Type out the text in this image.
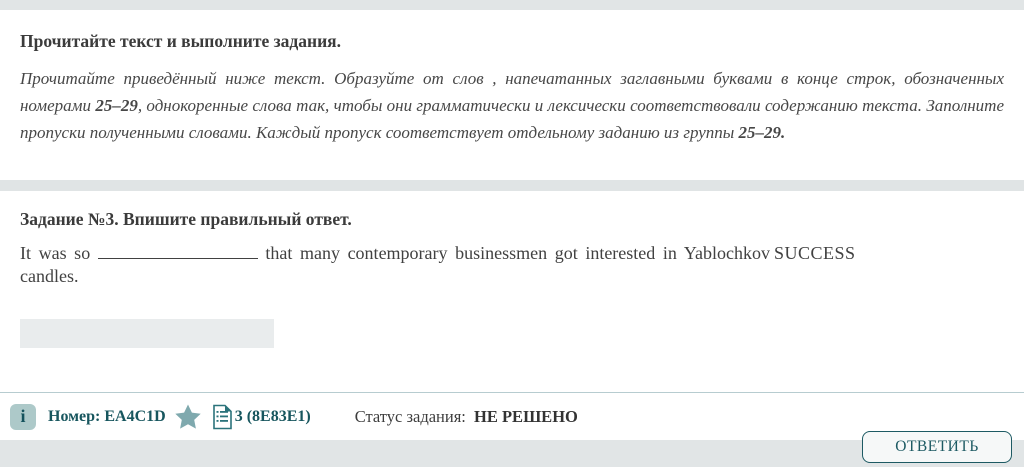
Прочитайте текст и выполните задания.

Прочитайте приведённый ниже текст. Образуйте от слов , напечатанных заглавными буквами в конце строк, обозначенных номерами 25–29, однокоренные слова так, чтобы они грамматически и лексически соответствовали содержанию текста. Заполните пропуски полученными словами. Каждый пропуск соответствует отдельному заданию из группы 25–29.

Задание №3. Впишите правильный ответ.
It was so	that many contemporary businessmen got interested in Yablochkov candles.
SUCCESS
i Номер: EA4C1D	3 (8E83E1)	Статус задания: НЕ РЕШЕНО
ОТВЕТИТЬ
